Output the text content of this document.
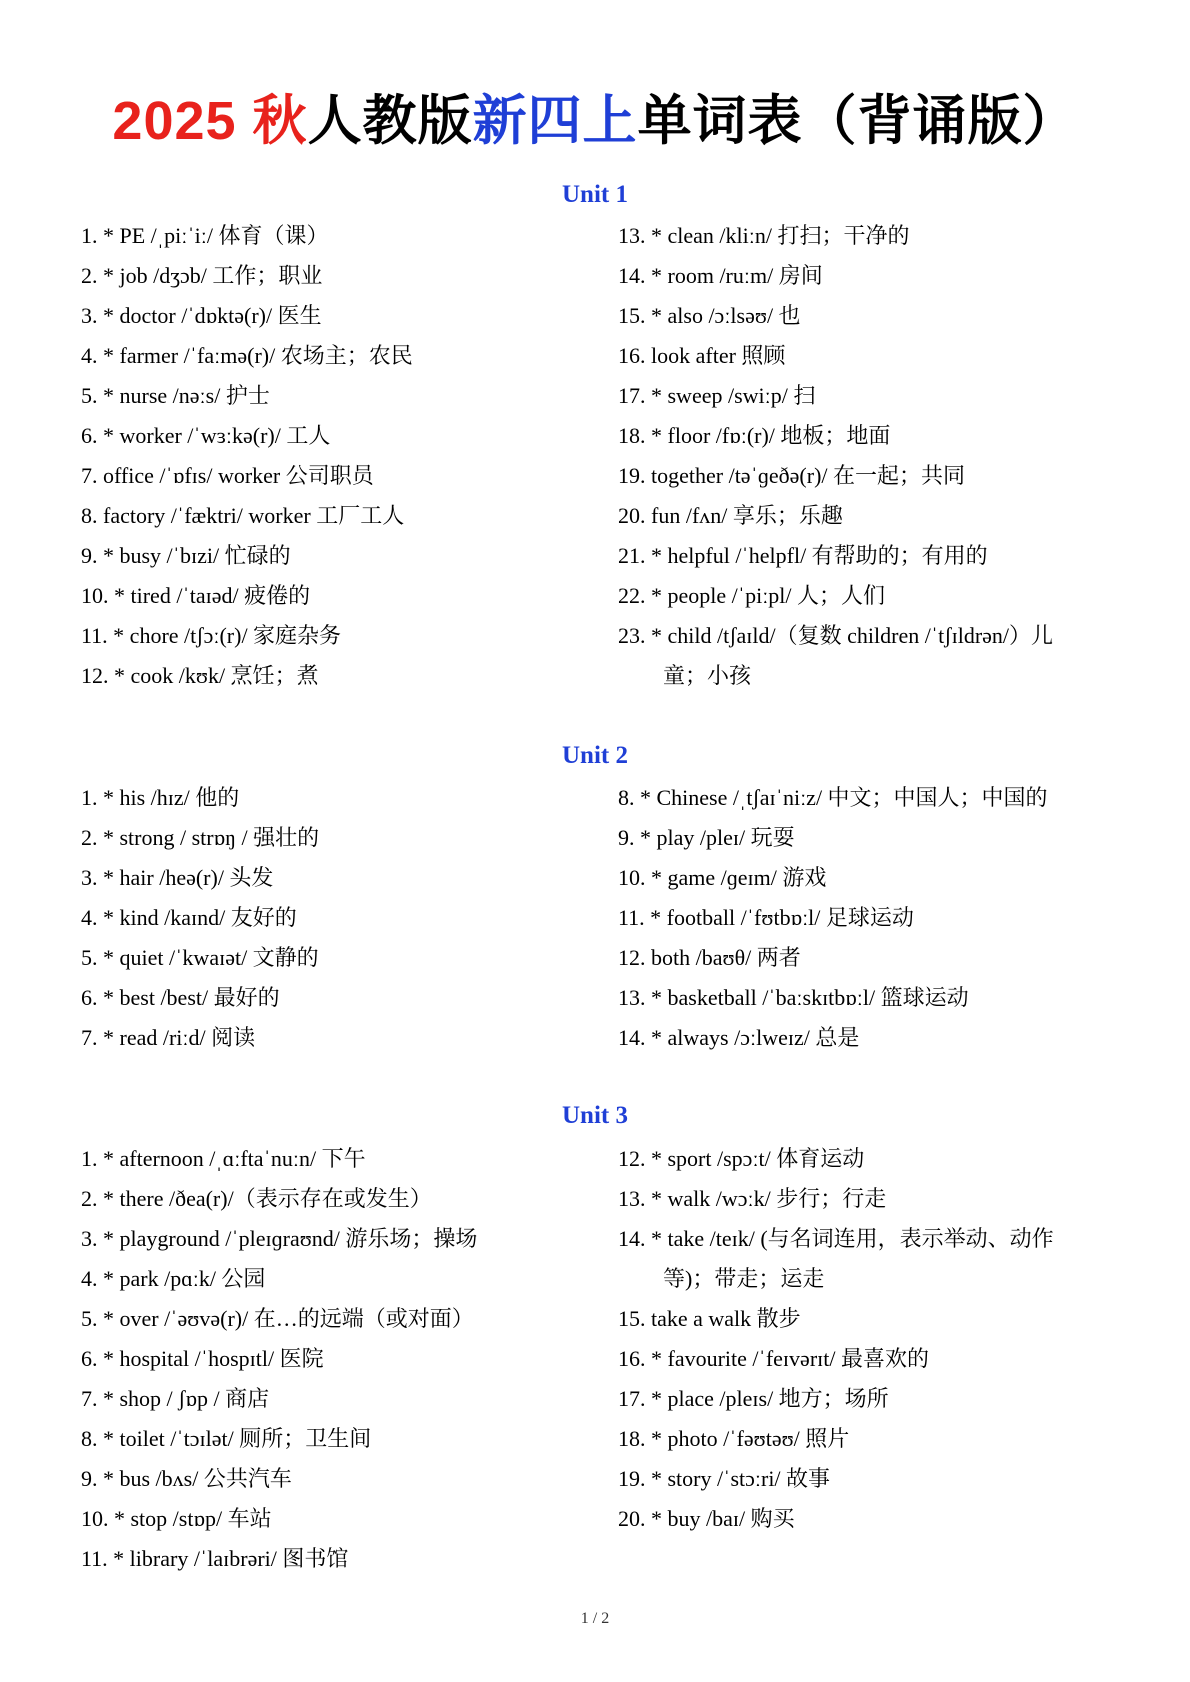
2025 秋人教版新四上单词表（背诵版）
Unit 1
1. * PE /ˌpiːˈiː/ 体育（课）
2. * job /dʒɔb/ 工作；职业
3. * doctor /ˈdɒktə(r)/ 医生
4. * farmer /ˈfaːmə(r)/ 农场主；农民
5. * nurse /nəːs/ 护士
6. * worker /ˈwɜːkə(r)/ 工人
7. office /ˈɒfɪs/ worker 公司职员
8. factory /ˈfæktri/ worker 工厂工人
9. * busy /ˈbɪzi/ 忙碌的
10. * tired /ˈtaɪəd/ 疲倦的
11. * chore /tʃɔː(r)/ 家庭杂务
12. * cook /kʊk/ 烹饪；煮
13. * clean /kliːn/ 打扫；干净的
14. * room /ruːm/ 房间
15. * also /ɔːlsəʊ/ 也
16. look after 照顾
17. * sweep /swiːp/ 扫
18. * floor /fɒː(r)/ 地板；地面
19. together /təˈɡeðə(r)/ 在一起；共同
20. fun /fʌn/ 享乐；乐趣
21. * helpful /ˈhelpfl/ 有帮助的；有用的
22. * people /ˈpiːpl/ 人；人们
23. * child /tʃaɪld/（复数 children /ˈtʃɪldrən/）儿
童；小孩
Unit 2
1. * his /hɪz/ 他的
2. * strong / strɒŋ / 强壮的
3. * hair /heə(r)/ 头发
4. * kind /kaɪnd/ 友好的
5. * quiet /ˈkwaɪət/ 文静的
6. * best /best/ 最好的
7. * read /riːd/ 阅读
8. * Chinese /ˌtʃaɪˈniːz/ 中文；中国人；中国的
9. * play /pleɪ/ 玩耍
10. * game /ɡeɪm/ 游戏
11. * football /ˈfʊtbɒːl/ 足球运动
12. both /baʊθ/ 两者
13. * basketball /ˈbaːskɪtbɒːl/ 篮球运动
14. * always /ɔːlweɪz/ 总是
Unit 3
1. * afternoon /ˌɑːftaˈnuːn/ 下午
2. * there /ðea(r)/（表示存在或发生）
3. * playground /ˈpleɪɡraʊnd/ 游乐场；操场
4. * park /pɑːk/ 公园
5. * over /ˈəʊvə(r)/ 在…的远端（或对面）
6. * hospital /ˈhospɪtl/ 医院
7. * shop / ʃɒp / 商店
8. * toilet /ˈtɔɪlət/ 厕所；卫生间
9. * bus /bʌs/ 公共汽车
10. * stop /stɒp/ 车站
11. * library /ˈlaɪbrəri/ 图书馆
12. * sport /spɔːt/ 体育运动
13. * walk /wɔːk/ 步行；行走
14. * take /teɪk/ (与名词连用，表示举动、动作
等)；带走；运走
15. take a walk 散步
16. * favourite /ˈfeɪvərɪt/ 最喜欢的
17. * place /pleɪs/ 地方；场所
18. * photo /ˈfəʊtəʊ/ 照片
19. * story /ˈstɔːri/ 故事
20. * buy /baɪ/ 购买
1 / 2
